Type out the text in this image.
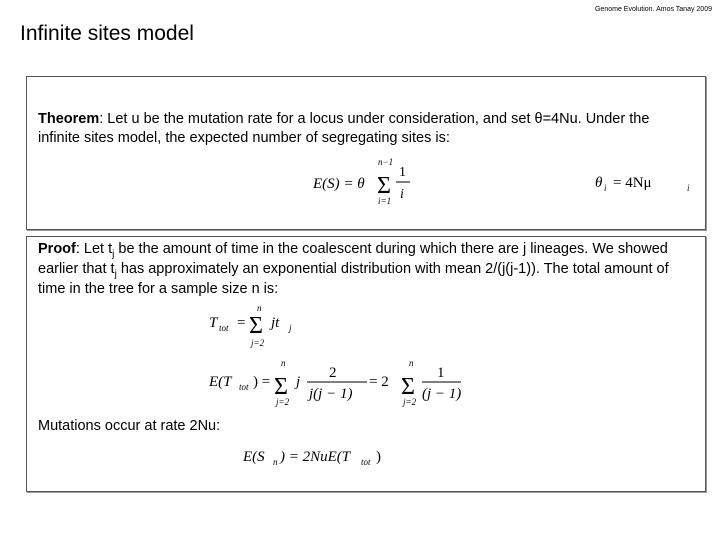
Genome Evolution. Amos Tanay 2009
Infinite sites model
Theorem: Let u be the mutation rate for a locus under consideration, and set θ=4Nu. Under the infinite sites model, the expected number of segregating sites is:
E(S) = θ
n−1
Σ
i=1
1
i
θ i = 4Nμ	i
Proof: Let $t_j$ be the amount of time in the coalescent during which there are j lineages. We showed earlier that $t_j$ has approximately an exponential distribution with mean 2/(j(j-1)). The total amount of time in the tree for a sample size n is:
T tot =
n
Σ
j=2
jt j
E(T tot ) =
n
Σ
j=2
j
2
j(j − 1)
= 2
n
Σ
j=2
1
(j − 1)
Mutations occur at rate 2Nu:
E(S n ) = 2NuE(T tot )
